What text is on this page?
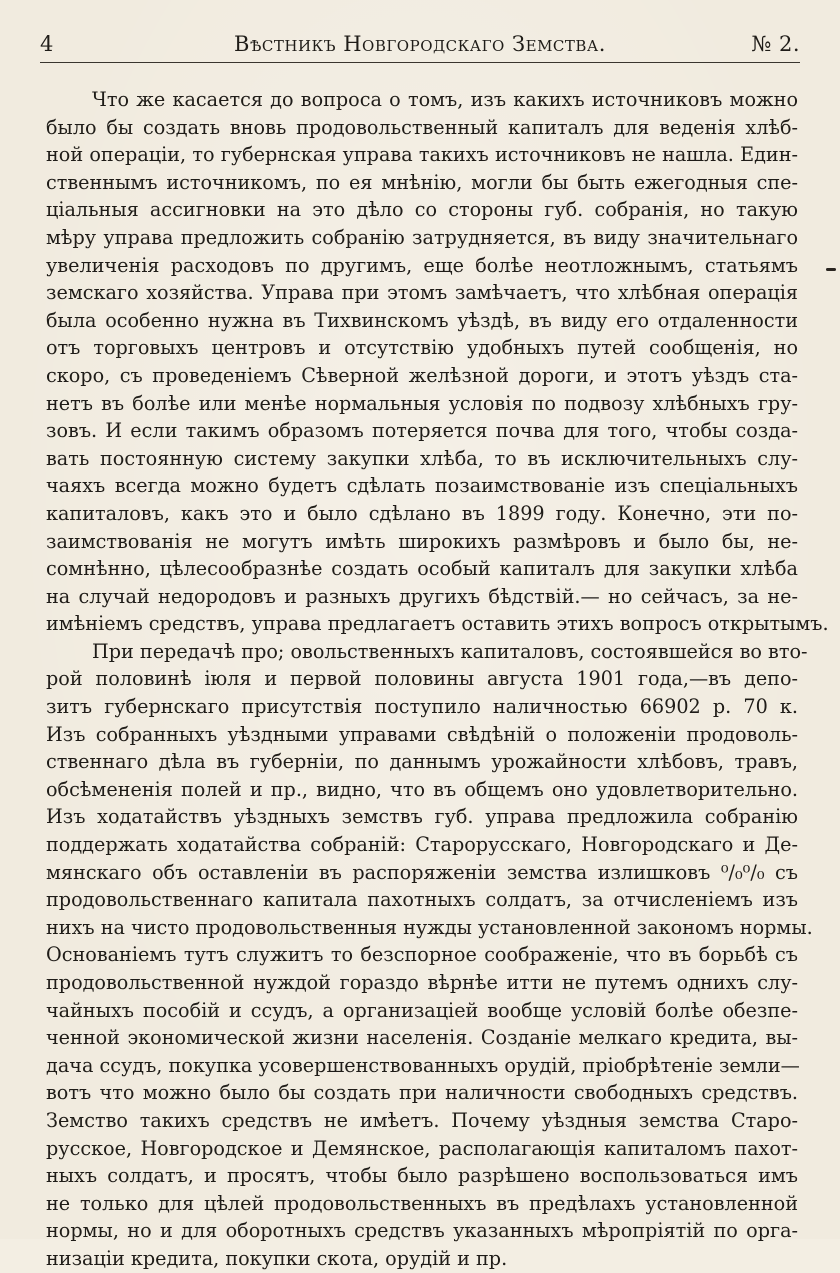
4	Вѣстникъ Новгородскаго Земства.	№ 2.
Что же касается до вопроса о томъ, изъ какихъ источниковъ можно
было бы создать вновь продовольственный капиталъ для веденія хлѣб-
ной операціи, то губернская управа такихъ источниковъ не нашла. Един-
ственнымъ источникомъ, по ея мнѣнію, могли бы быть ежегодныя спе-
ціальныя ассигновки на это дѣло со стороны губ. собранія, но такую
мѣру управа предложить собранію затрудняется, въ виду значительнаго
увеличенія расходовъ по другимъ, еще болѣе неотложнымъ, статьямъ
земскаго хозяйства. Управа при этомъ замѣчаетъ, что хлѣбная операція
была особенно нужна въ Тихвинскомъ уѣздѣ, въ виду его отдаленности
отъ торговыхъ центровъ и отсутствію удобныхъ путей сообщенія, но
скоро, съ проведеніемъ Сѣверной желѣзной дороги, и этотъ уѣздъ ста-
нетъ въ болѣе или менѣе нормальныя условія по подвозу хлѣбныхъ гру-
зовъ. И если такимъ образомъ потеряется почва для того, чтобы созда-
вать постоянную систему закупки хлѣба, то въ исключительныхъ слу-
чаяхъ всегда можно будетъ сдѣлать позаимствованіе изъ спеціальныхъ
капиталовъ, какъ это и было сдѣлано въ 1899 году. Конечно, эти по-
заимствованія не могутъ имѣть широкихъ размѣровъ и было бы, не-
сомнѣнно, цѣлесообразнѣе создать особый капиталъ для закупки хлѣба
на случай недородовъ и разныхъ другихъ бѣдствій.— но сейчасъ, за не-
имѣніемъ средствъ, управа предлагаетъ оставить этихъ вопросъ открытымъ.
При передачѣ про; овольственныхъ капиталовъ, состоявшейся во вто-
рой половинѣ іюля и первой половины августа 1901 года,—въ депо-
зитъ губернскаго присутствія поступило наличностью 66902 р. 70 к.
Изъ собранныхъ уѣздными управами свѣдѣній о положеніи продоволь-
ственнаго дѣла въ губерніи, по даннымъ урожайности хлѣбовъ, травъ,
обсѣмененія полей и пр., видно, что въ общемъ оно удовлетворительно.
Изъ ходатайствъ уѣздныхъ земствъ губ. управа предложила собранію
поддержать ходатайства собраній: Старорусскаго, Новгородскаго и Де-
мянскаго объ оставленіи въ распоряженіи земства излишковъ ⁰/₀⁰/₀ съ
продовольственнаго капитала пахотныхъ солдатъ, за отчисленіемъ изъ
нихъ на чисто продовольственныя нужды установленной закономъ нормы.
Основаніемъ тутъ служитъ то безспорное соображеніе, что въ борьбѣ съ
продовольственной нуждой гораздо вѣрнѣе итти не путемъ однихъ слу-
чайныхъ пособій и ссудъ, а организаціей вообще условій болѣе обезпе-
ченной экономической жизни населенія. Созданіе мелкаго кредита, вы-
дача ссудъ, покупка усовершенствованныхъ орудій, пріобрѣтеніе земли—
вотъ что можно было бы создать при наличности свободныхъ средствъ.
Земство такихъ средствъ не имѣетъ. Почему уѣздныя земства Старо-
русское, Новгородское и Демянское, располагающія капиталомъ пахот-
ныхъ солдатъ, и просятъ, чтобы было разрѣшено воспользоваться имъ
не только для цѣлей продовольственныхъ въ предѣлахъ установленной
нормы, но и для оборотныхъ средствъ указанныхъ мѣропріятій по орга-
низаціи кредита, покупки скота, орудій и пр.
